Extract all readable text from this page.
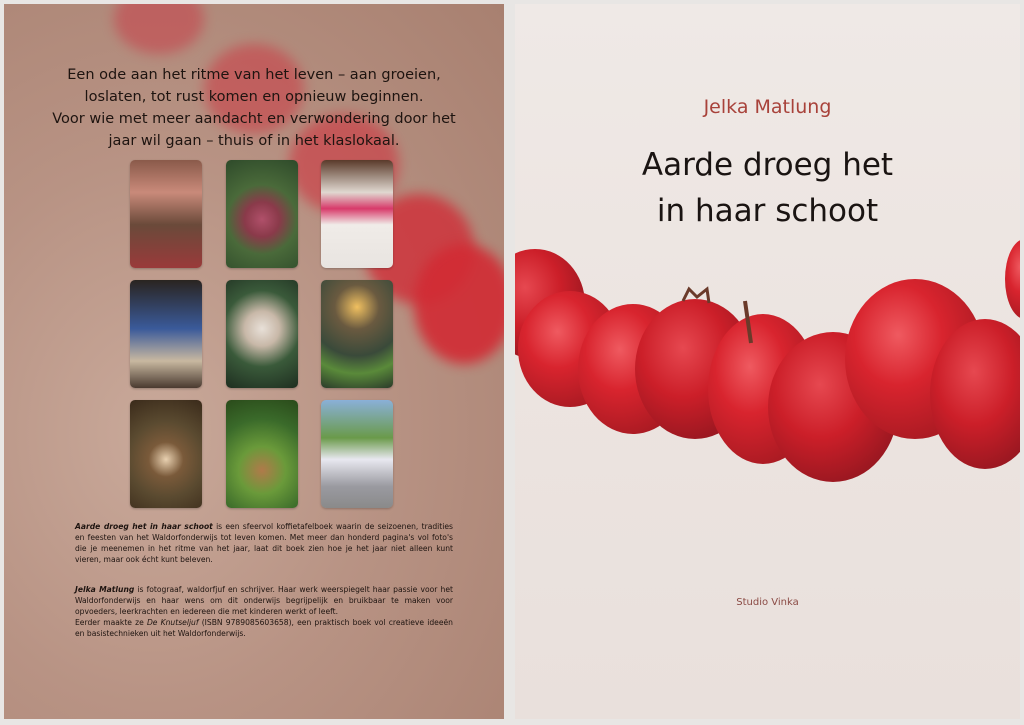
Een ode aan het ritme van het leven – aan groeien,
loslaten, tot rust komen en opnieuw beginnen.
Voor wie met meer aandacht en verwondering door het
jaar wil gaan – thuis of in het klaslokaal.
Aarde droeg het in haar schoot is een sfeervol koffietafelboek waarin de seizoenen, tradities en feesten van het Waldorfonderwijs tot leven komen. Met meer dan honderd pagina's vol foto's die je meenemen in het ritme van het jaar, laat dit boek zien hoe je het jaar niet alleen kunt vieren, maar ook écht kunt beleven.
Jelka Matlung is fotograaf, waldorfjuf en schrijver. Haar werk weerspiegelt haar passie voor het Waldorfonderwijs en haar wens om dit onderwijs begrijpelijk en bruikbaar te maken voor opvoeders, leerkrachten en iedereen die met kinderen werkt of leeft.
Eerder maakte ze De Knutseljuf (ISBN 9789085603658), een praktisch boek vol creatieve ideeën en basistechnieken uit het Waldorfonderwijs.
Jelka Matlung
Aarde droeg het
in haar schoot
Studio Vinka
